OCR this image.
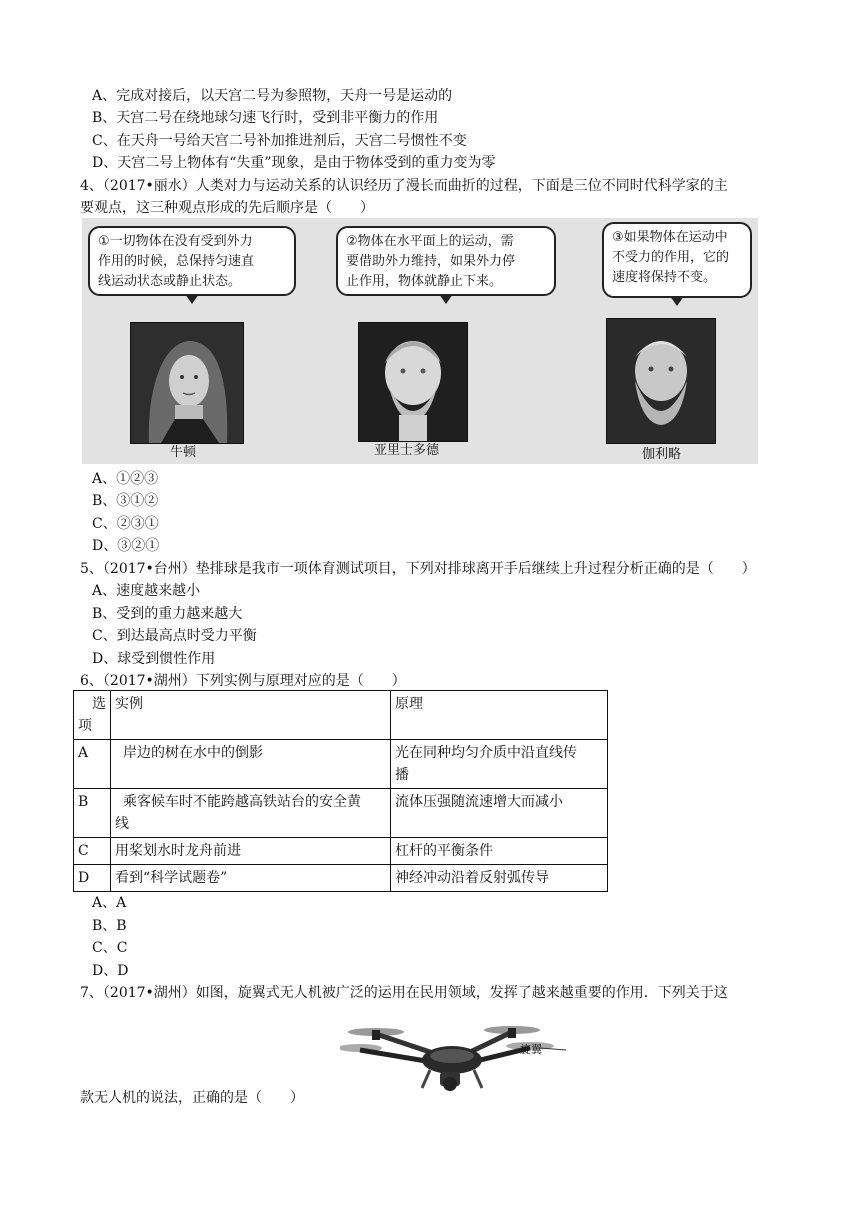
A、完成对接后，以天宫二号为参照物，天舟一号是运动的
B、天宫二号在绕地球匀速飞行时，受到非平衡力的作用
C、在天舟一号给天宫二号补加推进剂后，天宫二号惯性不变
D、天宫二号上物体有“失重”现象，是由于物体受到的重力变为零
4、（2017•丽水）人类对力与运动关系的认识经历了漫长而曲折的过程，下面是三位不同时代科学家的主
要观点，这三种观点形成的先后顺序是（　　）
①一切物体在没有受到外力
作用的时候，总保持匀速直
线运动状态或静止状态。
②物体在水平面上的运动，需
要借助外力维持，如果外力停
止作用，物体就静止下来。
③如果物体在运动中
不受力的作用，它的
速度将保持不变。
牛顿	亚里士多德	伽利略
A、①②③
B、③①②
C、②③①
D、③②①
5、（2017•台州）垫排球是我市一项体育测试项目，下列对排球离开手后继续上升过程分析正确的是（　　）
A、速度越来越小
B、受到的重力越来越大
C、到达最高点时受力平衡
D、球受到惯性作用
6、（2017•湖州）下列实例与原理对应的是（　　）
选
项	实例	原理
A	岸边的树在水中的倒影	光在同种均匀介质中沿直线传
播

B	乘客候车时不能跨越高铁站台的安全黄
线	流体压强随流速增大而减小
C	用桨划水时龙舟前进	杠杆的平衡条件
D	看到“科学试题卷”	神经冲动沿着反射弧传导
A、A
B、B
C、C
D、D
7、（2017•湖州）如图，旋翼式无人机被广泛的运用在民用领域，发挥了越来越重要的作用．下列关于这
旋翼
款无人机的说法，正确的是（　　）
